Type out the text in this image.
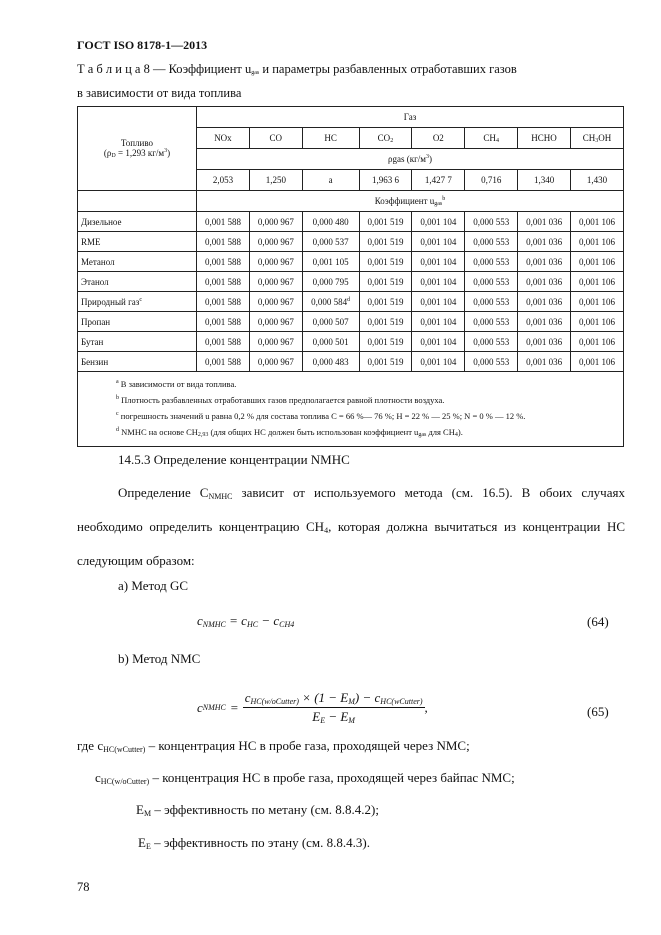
ГОСТ ISO 8178-1—2013
Т а б л и ц а 8 — Коэффициент ugas и параметры разбавленных отработавших газов
в зависимости от вида топлива
Топливо
(ρD = 1,293 $кг/м^3$)	Газ							
	NOx	CO	HC	CO2	O2	CH4	HCHO	CH3OH
	ρgas $(кг/м^3)$							
	2,053	1,250	a	1,963 6	1,427 7	0,716	1,340	1,430
	Коэффициент ugas$^b$
Дизельное	0,001 588	0,000 967	0,000 480	0,001 519	0,001 104	0,000 553	0,001 036	0,001 106
RME	0,001 588	0,000 967	0,000 537	0,001 519	0,001 104	0,000 553	0,001 036	0,001 106
Метанол	0,001 588	0,000 967	0,001 105	0,001 519	0,001 104	0,000 553	0,001 036	0,001 106
Этанол	0,001 588	0,000 967	0,000 795	0,001 519	0,001 104	0,000 553	0,001 036	0,001 106
Природный газ$^c$	0,001 588	0,000 967	0,000 584$^d$	0,001 519	0,001 104	0,000 553	0,001 036	0,001 106
Пропан	0,001 588	0,000 967	0,000 507	0,001 519	0,001 104	0,000 553	0,001 036	0,001 106
Бутан	0,001 588	0,000 967	0,000 501	0,001 519	0,001 104	0,000 553	0,001 036	0,001 106
Бензин	0,001 588	0,000 967	0,000 483	0,001 519	0,001 104	0,000 553	0,001 036	0,001 106

$^a$ В зависимости от вида топлива.
$^b$ Плотность разбавленных отработавших газов предполагается равной плотности воздуха.
$^c$ погрешность значений u равна 0,2 % для состава топлива С = 66 %— 76 %; Н = 22 % — 25 %; N = 0 % — 12 %.
$^d$ NMHC на основе CH2,93 (для общих НС должен быть использован коэффициент ugas для CH4).								
14.5.3 Определение концентрации NMHC
Определение CNMHC зависит от используемого метода (см. 16.5). В обоих случаях необходимо определить концентрацию CH4, которая должна вычитаться из концентрации НС следующим образом:
a) Метод GC
cNMHC = cHC − cCH4	(64)
b) Метод NMC
c NMHC =
cHC(w/oCutter) × (1 − EM) − cHC(wCutter)
EE − EM
,	(65)
где cHC(wCutter) – концентрация НС в пробе газа, проходящей через NMC;
cHC(w/oCutter) – концентрация НС в пробе газа, проходящей через байпас NMC;
EM – эффективность по метану (см. 8.8.4.2);
EE – эффективность по этану (см. 8.8.4.3).
78
